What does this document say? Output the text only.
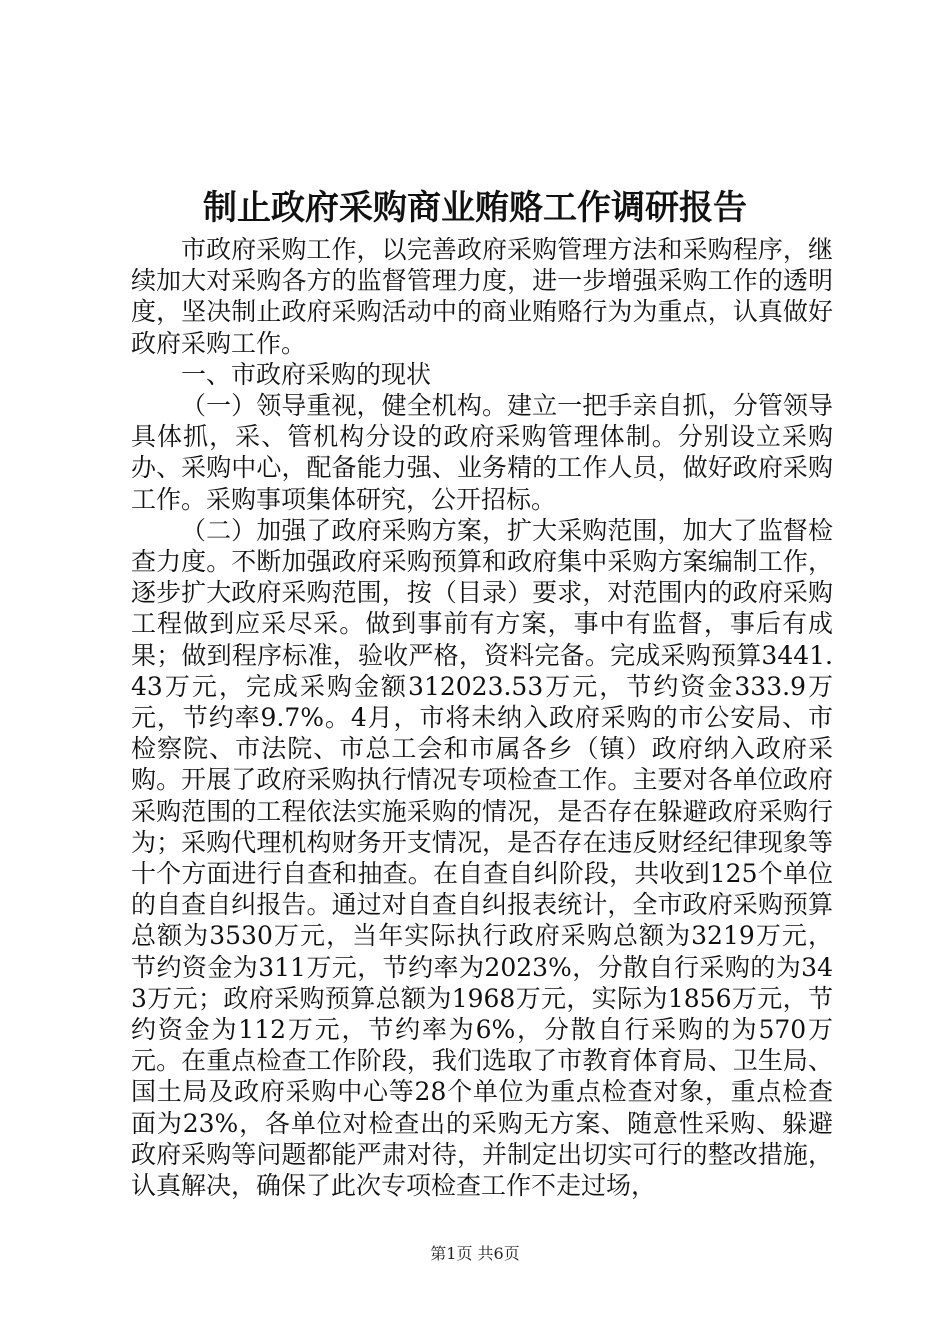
制止政府采购商业贿赂工作调研报告

市政府采购工作，以完善政府采购管理方法和采购程序，继续加大对采购各方的监督管理力度，进一步增强采购工作的透明度，坚决制止政府采购活动中的商业贿赂行为为重点，认真做好政府采购工作。

一、市政府采购的现状

（一）领导重视，健全机构。建立一把手亲自抓，分管领导具体抓，采、管机构分设的政府采购管理体制。分别设立采购办、采购中心，配备能力强、业务精的工作人员，做好政府采购工作。采购事项集体研究，公开招标。

（二）加强了政府采购方案，扩大采购范围，加大了监督检查力度。不断加强政府采购预算和政府集中采购方案编制工作，逐步扩大政府采购范围，按（目录）要求，对范围内的政府采购工程做到应采尽采。做到事前有方案，事中有监督，事后有成果；做到程序标准，验收严格，资料完备。完成采购预算3441.43万元，完成采购金额312023.53万元，节约资金333.9万元，节约率9.7%。4月，市将未纳入政府采购的市公安局、市检察院、市法院、市总工会和市属各乡（镇）政府纳入政府采购。开展了政府采购执行情况专项检查工作。主要对各单位政府采购范围的工程依法实施采购的情况，是否存在躲避政府采购行为；采购代理机构财务开支情况，是否存在违反财经纪律现象等十个方面进行自查和抽查。在自查自纠阶段，共收到125个单位的自查自纠报告。通过对自查自纠报表统计，全市政府采购预算总额为3530万元，当年实际执行政府采购总额为3219万元，节约资金为311万元，节约率为2023%，分散自行采购的为343万元；政府采购预算总额为1968万元，实际为1856万元，节约资金为112万元，节约率为6%，分散自行采购的为570万元。在重点检查工作阶段，我们选取了市教育体育局、卫生局、国土局及政府采购中心等28个单位为重点检查对象，重点检查面为23%，各单位对检查出的采购无方案、随意性采购、躲避政府采购等问题都能严肃对待，并制定出切实可行的整改措施，认真解决，确保了此次专项检查工作不走过场，

第1页 共6页
